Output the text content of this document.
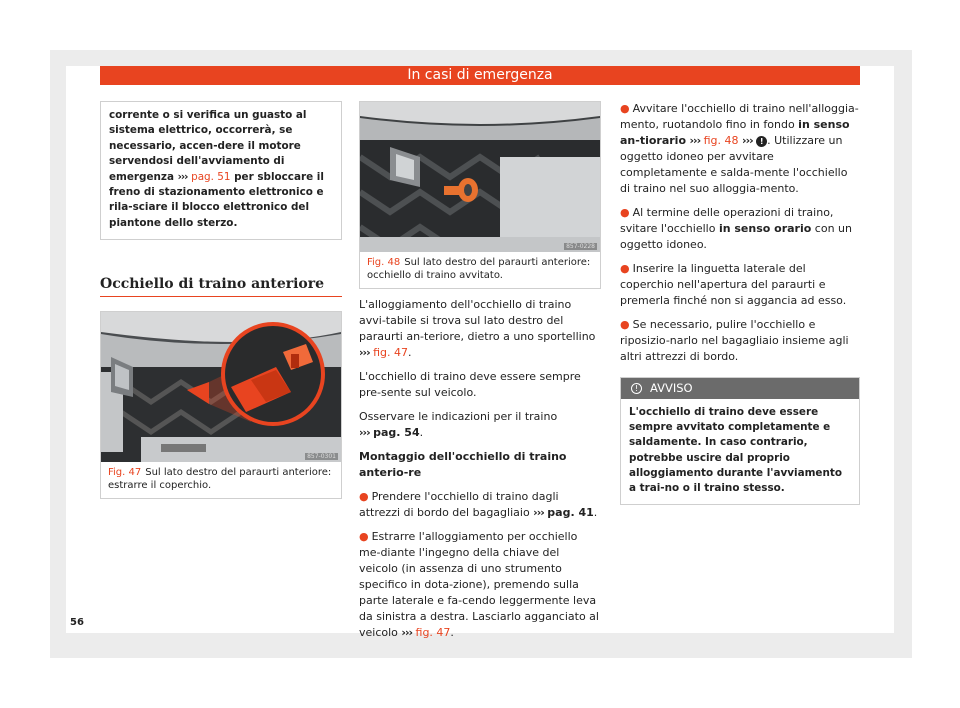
In casi di emergenza
corrente o si verifica un guasto al sistema elettrico, occorrerà, se necessario, accen-dere il motore servendosi dell'avviamento di emergenza ››› pag. 51 per sbloccare il freno di stazionamento elettronico e rila-sciare il blocco elettronico del piantone dello sterzo.
Occhiello di traino anteriore
857-0301
Fig. 47 Sul lato destro del paraurti anteriore: estrarre il coperchio.
857-0228
Fig. 48 Sul lato destro del paraurti anteriore: occhiello di traino avvitato.

L'alloggiamento dell'occhiello di traino avvi-tabile si trova sul lato destro del paraurti an-teriore, dietro a uno sportellino ››› fig. 47.

L'occhiello di traino deve essere sempre pre-sente sul veicolo.

Osservare le indicazioni per il traino
››› pag. 54.

Montaggio dell'occhiello di traino anterio-re

● Prendere l'occhiello di traino dagli attrezzi di bordo del bagagliaio ››› pag. 41.

● Estrarre l'alloggiamento per occhiello me-diante l'ingegno della chiave del veicolo (in assenza di uno strumento specifico in dota-zione), premendo sulla parte laterale e fa-cendo leggermente leva da sinistra a destra. Lasciarlo agganciato al veicolo ››› fig. 47.

● Avvitare l'occhiello di traino nell'alloggia-mento, ruotandolo fino in fondo in senso an-tiorario ››› fig. 48 ››› ! . Utilizzare un oggetto idoneo per avvitare completamente e salda-mente l'occhiello di traino nel suo alloggia-mento.

● Al termine delle operazioni di traino, svitare l'occhiello in senso orario con un oggetto idoneo.

● Inserire la linguetta laterale del coperchio nell'apertura del paraurti e premerla finché non si aggancia ad esso.

● Se necessario, pulire l'occhiello e riposizio-narlo nel bagagliaio insieme agli altri attrezzi di bordo.

! AVVISO
L'occhiello di traino deve essere sempre avvitato completamente e saldamente. In caso contrario, potrebbe uscire dal proprio alloggiamento durante l'avviamento a trai-no o il traino stesso.
56
